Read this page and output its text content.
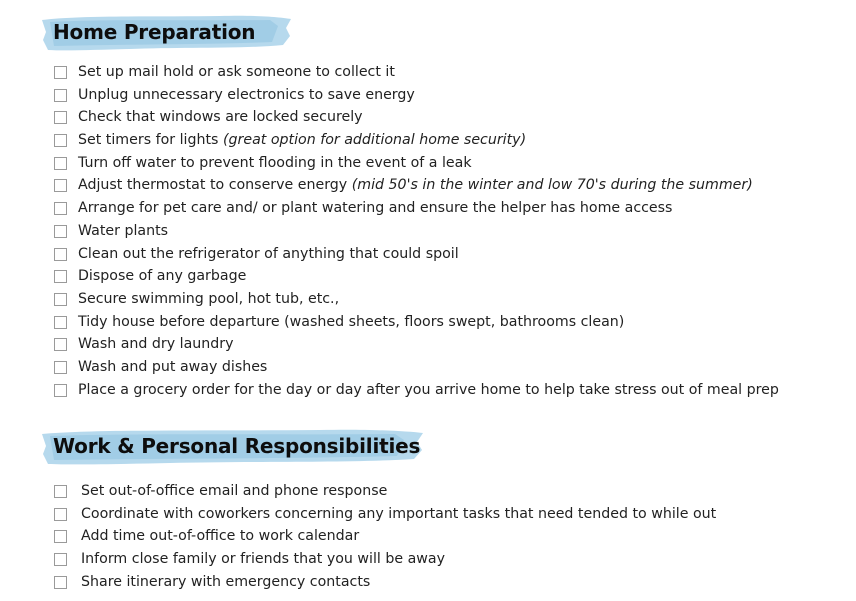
Home Preparation
Set up mail hold or ask someone to collect it
Unplug unnecessary electronics to save energy
Check that windows are locked securely
Set timers for lights (great option for additional home security)
Turn off water to prevent flooding in the event of a leak
Adjust thermostat to conserve energy (mid 50's in the winter and low 70's during the summer)
Arrange for pet care and/ or plant watering and ensure the helper has home access
Water plants
Clean out the refrigerator of anything that could spoil
Dispose of any garbage
Secure swimming pool, hot tub, etc.,
Tidy house before departure (washed sheets, floors swept, bathrooms clean)
Wash and dry laundry
Wash and put away dishes
Place a grocery order for the day or day after you arrive home to help take stress out of meal prep
Work & Personal Responsibilities
Set out-of-office email and phone response
Coordinate with coworkers concerning any important tasks that need tended to while out
Add time out-of-office to work calendar
Inform close family or friends that you will be away
Share itinerary with emergency contacts
